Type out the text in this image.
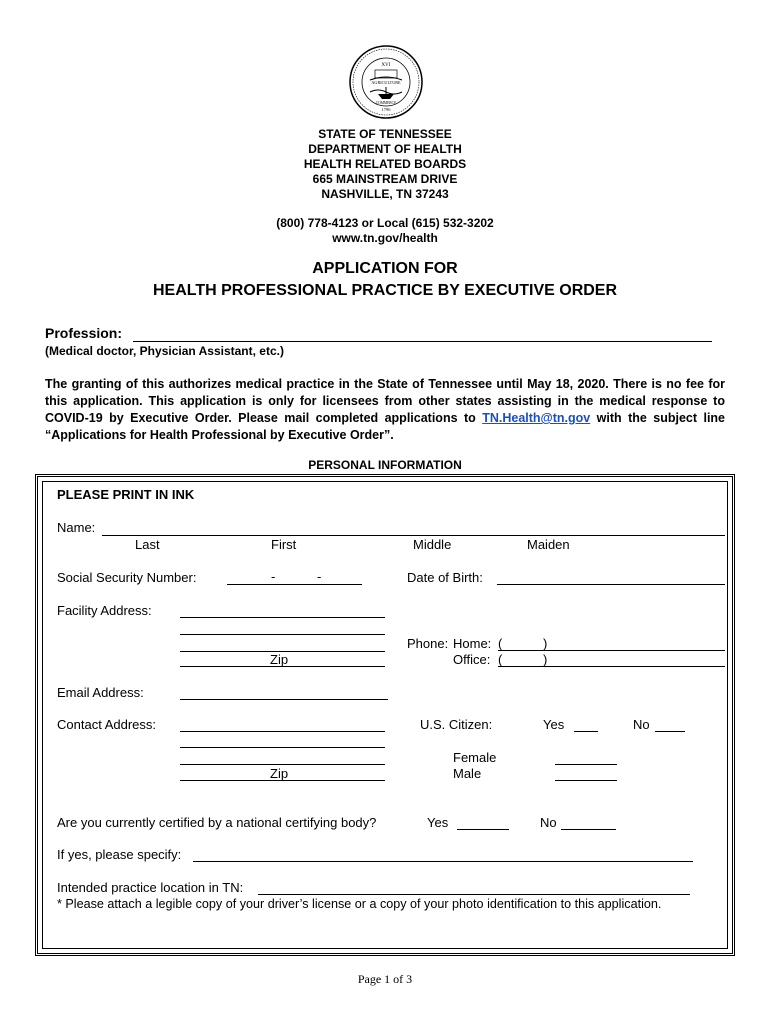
XVI
AGRICULTURE
COMMERCE
1796
STATE OF TENNESSEE
DEPARTMENT OF HEALTH
HEALTH RELATED BOARDS
665 MAINSTREAM DRIVE
NASHVILLE, TN 37243
(800) 778-4123 or Local (615) 532-3202
www.tn.gov/health
APPLICATION FOR
HEALTH PROFESSIONAL PRACTICE BY EXECUTIVE ORDER
Profession:
(Medical doctor, Physician Assistant, etc.)
The granting of this authorizes medical practice in the State of Tennessee until May 18, 2020. There is no fee for this application. This application is only for licensees from other states assisting in the medical response to COVID-19 by Executive Order. Please mail completed applications to TN.Health@tn.gov with the subject line “Applications for Health Professional by Executive Order”.
PERSONAL INFORMATION
PLEASE PRINT IN INK
Name:
Last	First	Middle	Maiden
Social Security Number:	-	-	Date of Birth:
Facility Address:
Zip
Phone: Home: (	)
Office: (	)
Email Address:
Contact Address:
Zip
U.S. Citizen:	Yes	No
Female
Male
Are you currently certified by a national certifying body?	Yes	No
If yes, please specify:
Intended practice location in TN:
* Please attach a legible copy of your driver’s license or a copy of your photo identification to this application.
Page 1 of 3
